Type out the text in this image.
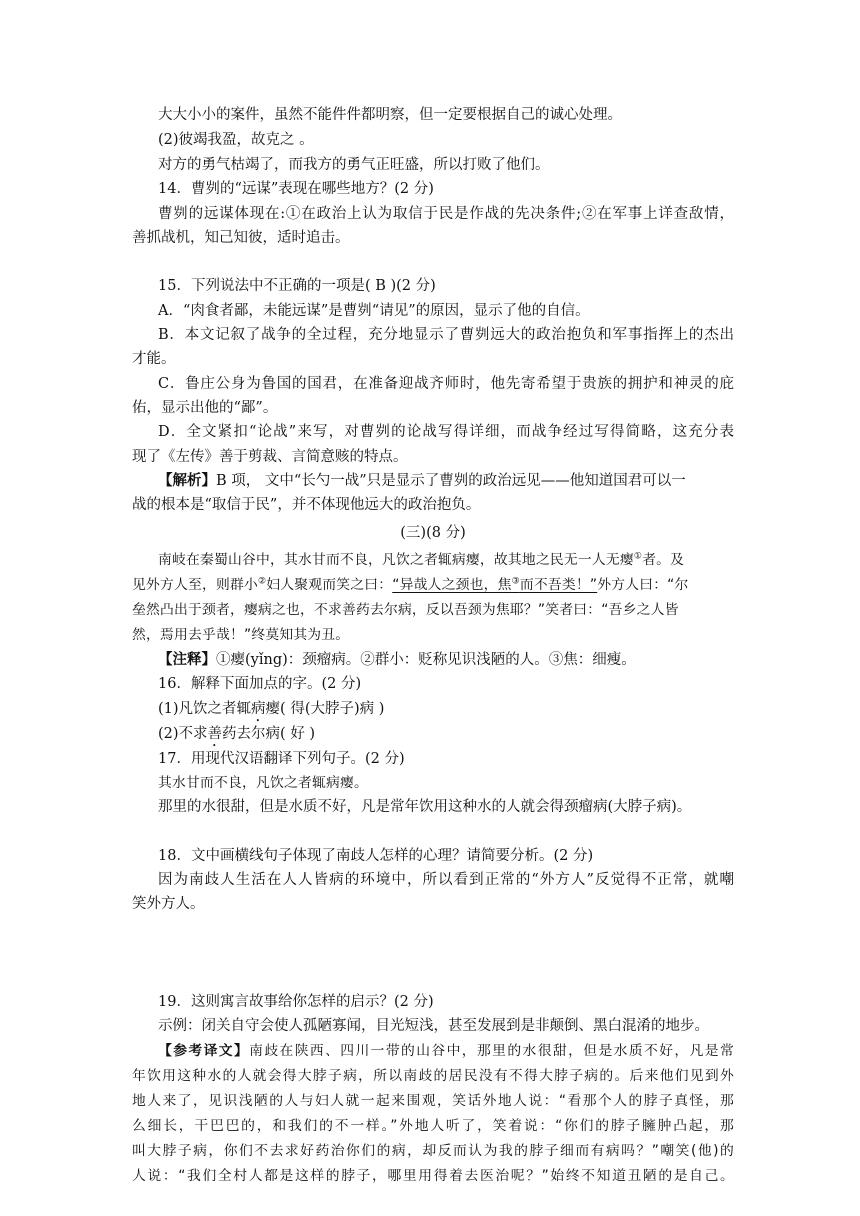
大大小小的案件，虽然不能件件都明察，但一定要根据自己的诚心处理。
(2)彼竭我盈，故克之 。
对方的勇气枯竭了，而我方的勇气正旺盛，所以打败了他们。
14．曹刿的“远谋”表现在哪些地方？(2 分)
曹刿的远谋体现在:①在政治上认为取信于民是作战的先决条件;②在军事上详查敌情，
善抓战机，知己知彼，适时追击。
15．下列说法中不正确的一项是( B )(2 分)
A．“肉食者鄙，未能远谋”是曹刿“请见”的原因，显示了他的自信。
B．本文记叙了战争的全过程，充分地显示了曹刿远大的政治抱负和军事指挥上的杰出
才能。
C．鲁庄公身为鲁国的国君，在准备迎战齐师时，他先寄希望于贵族的拥护和神灵的庇
佑，显示出他的“鄙”。
D．全文紧扣“论战”来写，对曹刿的论战写得详细，而战争经过写得简略，这充分表
现了《左传》善于剪裁、言简意赅的特点。
【解析】B 项， 文中“长勺一战”只是显示了曹刿的政治远见——他知道国君可以一
战的根本是“取信于民”，并不体现他远大的政治抱负。
(三)(8 分)
南岐在秦蜀山谷中，其水甘而不良，凡饮之者辄病瘿，故其地之民无一人无瘿①者。及
见外方人至，则群小②妇人聚观而笑之曰：“异哉人之颈也，焦③而不吾类！”外方人曰：“尔
垒然凸出于颈者，瘿病之也，不求善药去尔病，反以吾颈为焦耶？”笑者曰：“吾乡之人皆
然，焉用去乎哉！”终莫知其为丑。
【注释】①瘿(yǐng)：颈瘤病。②群小：贬称见识浅陋的人。③焦：细瘦。
16．解释下面加点的字。(2 分)
(1)凡饮之者辄病瘿( 得(大脖子)病 )
(2)不求善药去尔病( 好 )
17．用现代汉语翻译下列句子。(2 分)
其水甘而不良，凡饮之者辄病瘿。
那里的水很甜，但是水质不好，凡是常年饮用这种水的人就会得颈瘤病(大脖子病)。
18．文中画横线句子体现了南歧人怎样的心理？请简要分析。(2 分)
因为南歧人生活在人人皆病的环境中，所以看到正常的“外方人”反觉得不正常，就嘲
笑外方人。
19．这则寓言故事给你怎样的启示？(2 分)
示例：闭关自守会使人孤陋寡闻，目光短浅，甚至发展到是非颠倒、黑白混淆的地步。
【参考译文】南歧在陕西、四川一带的山谷中，那里的水很甜，但是水质不好，凡是常
年饮用这种水的人就会得大脖子病，所以南歧的居民没有不得大脖子病的。后来他们见到外
地人来了，见识浅陋的人与妇人就一起来围观，笑话外地人说：“看那个人的脖子真怪，那
么细长，干巴巴的，和我们的不一样。”外地人听了，笑着说：“你们的脖子臃肿凸起，那
叫大脖子病，你们不去求好药治你们的病，却反而认为我的脖子细而有病吗？”嘲笑(他)的
人说：“我们全村人都是这样的脖子，哪里用得着去医治呢？”始终不知道丑陋的是自己。
